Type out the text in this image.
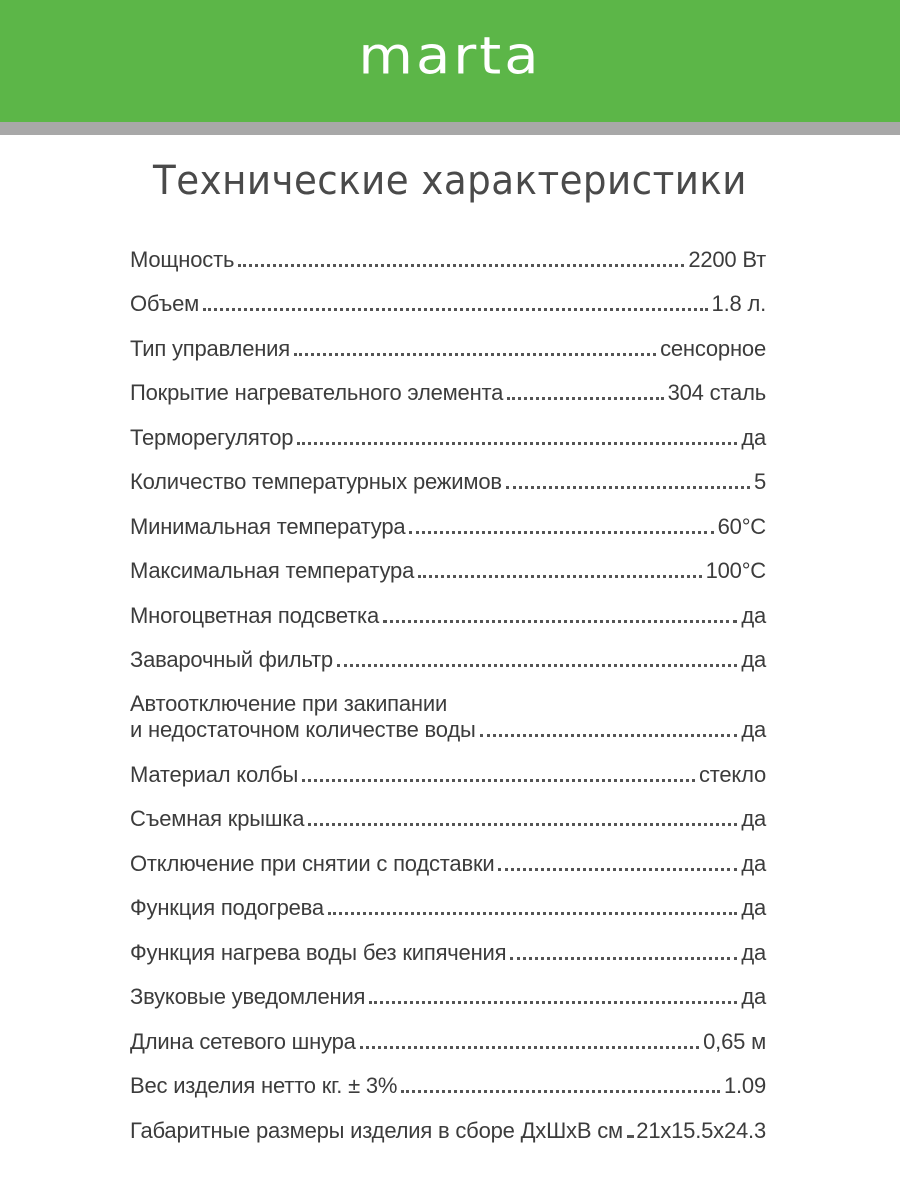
marta
Технические характеристики
Мощность	2200 Вт
Объем	1.8 л.
Тип управления	сенсорное
Покрытие нагревательного элемента	304 сталь
Терморегулятор	да
Количество температурных режимов	5
Минимальная температура	60°С
Максимальная температура	100°С
Многоцветная подсветка	да
Заварочный фильтр	да
Автоотключение при закипании
и недостаточном количестве воды	да
Материал колбы	стекло
Съемная крышка	да
Отключение при снятии с подставки	да
Функция подогрева	да
Функция нагрева воды без кипячения	да
Звуковые уведомления	да
Длина сетевого шнура	0,65 м
Вес изделия нетто кг. ± 3%	1.09
Габаритные размеры изделия в сборе ДхШхВ см 21х15.5х24.3
